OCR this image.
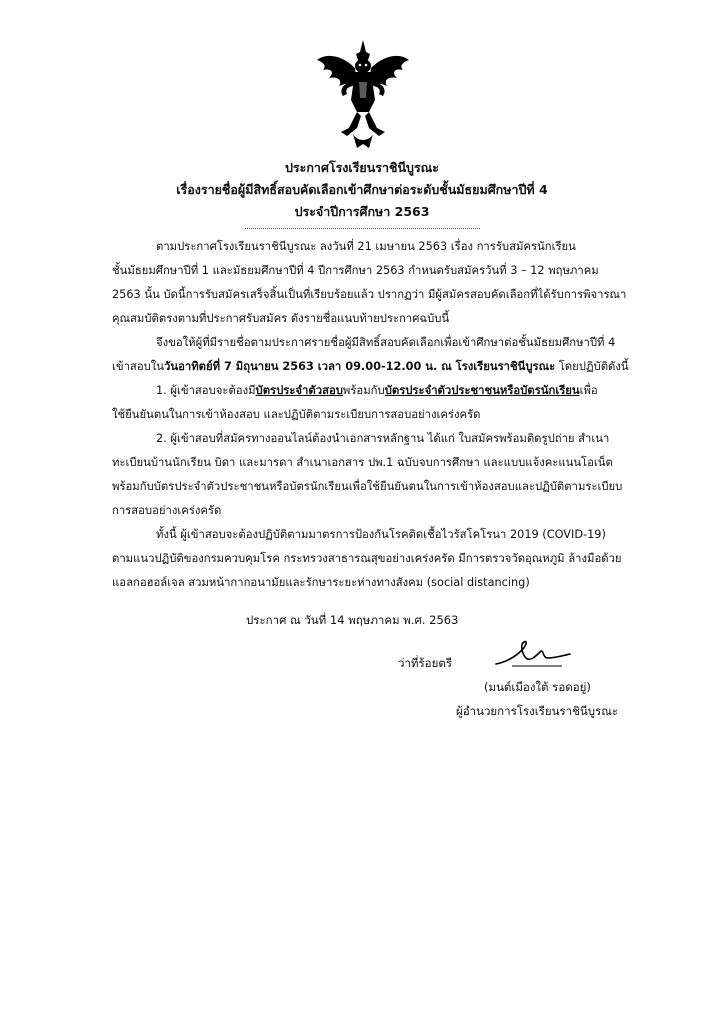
ประกาศโรงเรียนราชินีบูรณะ
เรื่องรายชื่อผู้มีสิทธิ์สอบคัดเลือกเข้าศึกษาต่อระดับชั้นมัธยมศึกษาปีที่ 4
ประจำปีการศึกษา 2563
ตามประกาศโรงเรียนราชินีบูรณะ ลงวันที่ 21 เมษายน 2563 เรื่อง การรับสมัครนักเรียน
ชั้นมัธยมศึกษาปีที่ 1 และมัธยมศึกษาปีที่ 4 ปีการศึกษา 2563 กำหนดรับสมัครวันที่ 3 – 12 พฤษภาคม
2563 นั้น บัดนี้การรับสมัครเสร็จสิ้นเป็นที่เรียบร้อยแล้ว ปรากฏว่า มีผู้สมัครสอบคัดเลือกที่ได้รับการพิจารณา
คุณสมบัติตรงตามที่ประกาศรับสมัคร ดังรายชื่อแนบท้ายประกาศฉบับนี้
จึงขอให้ผู้ที่มีรายชื่อตามประกาศรายชื่อผู้มีสิทธิ์สอบคัดเลือกเพื่อเข้าศึกษาต่อชั้นมัธยมศึกษาปีที่ 4
เข้าสอบในวันอาทิตย์ที่ 7 มิถุนายน 2563 เวลา 09.00-12.00 น. ณ โรงเรียนราชินีบูรณะ โดยปฏิบัติดังนี้
1. ผู้เข้าสอบจะต้องมีบัตรประจำตัวสอบพร้อมกับบัตรประจำตัวประชาชนหรือบัตรนักเรียนเพื่อ
ใช้ยืนยันตนในการเข้าห้องสอบ และปฏิบัติตามระเบียบการสอบอย่างเคร่งครัด
2. ผู้เข้าสอบที่สมัครทางออนไลน์ต้องนำเอกสารหลักฐาน ได้แก่ ใบสมัครพร้อมติดรูปถ่าย สำเนา
ทะเบียนบ้านนักเรียน บิดา และมารดา สำเนาเอกสาร ปพ.1 ฉบับจบการศึกษา และแบบแจ้งคะแนนโอเน็ต
พร้อมกับบัตรประจำตัวประชาชนหรือบัตรนักเรียนเพื่อใช้ยืนยันตนในการเข้าห้องสอบและปฏิบัติตามระเบียบ
การสอบอย่างเคร่งครัด
ทั้งนี้ ผู้เข้าสอบจะต้องปฏิบัติตามมาตรการป้องกันโรคติดเชื้อไวรัสโคโรนา 2019 (COVID-19)
ตามแนวปฏิบัติของกรมควบคุมโรค กระทรวงสาธารณสุขอย่างเคร่งครัด มีการตรวจวัดอุณหภูมิ ล้างมือด้วย
แอลกอฮอล์เจล สวมหน้ากากอนามัยและรักษาระยะห่างทางสังคม (social distancing)
ประกาศ ณ วันที่ 14 พฤษภาคม พ.ศ. 2563
ว่าที่ร้อยตรี
(มนต์เมืองใต้ รอดอยู่)
ผู้อำนวยการโรงเรียนราชินีบูรณะ
